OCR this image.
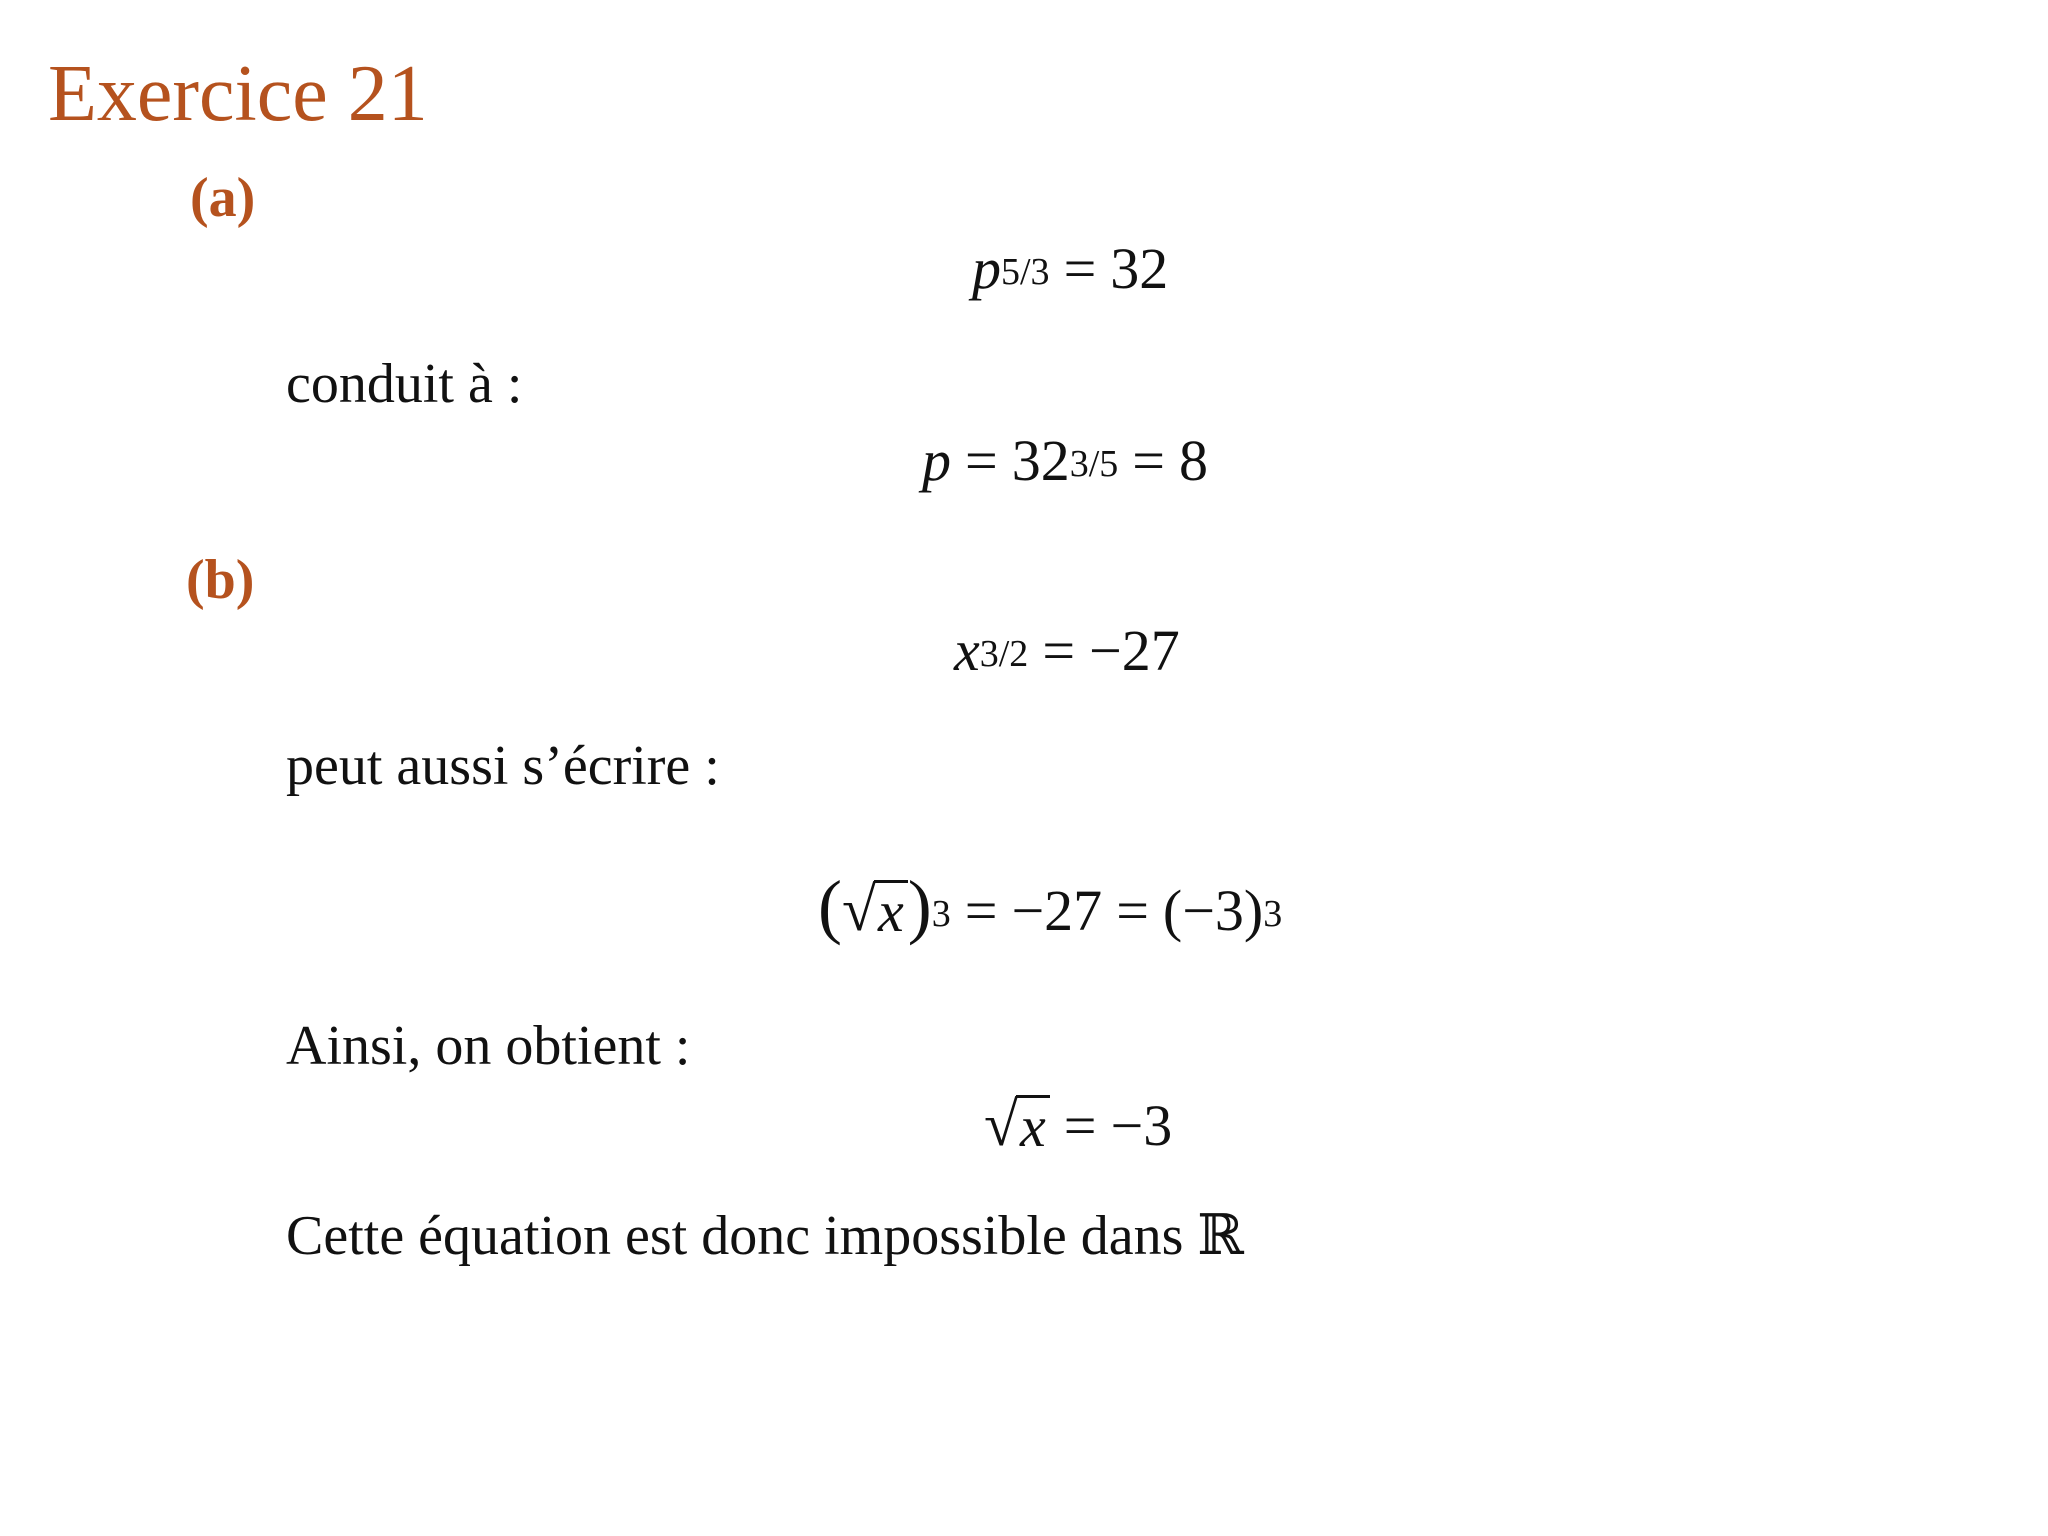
Exercice 21
(a)
$p^{5/3} = 32$
conduit à :
$p = 32^{3/5} = 8$
(b)
$x^{3/2} = -27$
peut aussi s’écrire :
( √ x )$^3 = -27 = (-3)^3$
Ainsi, on obtient :
√ x = −3
Cette équation est donc impossible dans ℝ
